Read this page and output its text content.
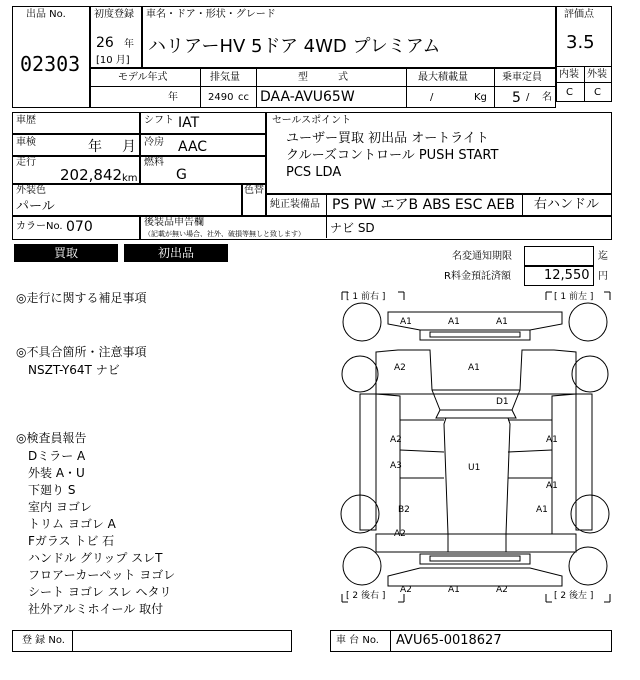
出品 No.
02303
初度登録
26 年
[10 月]
車名・ドア・形状・グレード
ハリアーHV 5ドア 4WD プレミアム
評価点
3.5
内装 外装
C C
モデル年式	排気量	型　　　式	最大積載量	乗車定員
年	2490 cc DAA-AVU65W	/	Kg 5 / 名
車歴
車検	年 月
走行
202,842 km
シフト IAT
冷房 AAC
燃料
G
セールスポイント
ユーザー買取 初出品 オートライト
クルーズコントロール PUSH START
PCS LDA
外装色
パール
色替
純正装備品 PS PW エアB ABS ESC AEB 右ハンドル
カラーNo. 070	後装品申告欄
（記載が無い場合、社外、破損等無しと致します） ナビ SD
買取	初出品	名変通知期限	迄
R料金預託済額	12,550 円
◎走行に関する補足事項
◎不具合箇所・注意事項
NSZT-Y64T ナビ
◎検査員報告
Dミラー A
外装 A・U
下廻り S
室内 ヨゴレ
トリム ヨゴレ A
Fガラス トビ 石
ハンドル グリップ スレT
フロアーカーペット ヨゴレ
シート ヨゴレ スレ ヘタリ
社外アルミホイール 取付
[ 1 前右 ]	[ 1 前左 ]
[ 2 後右 ]	[ 2 後左 ]
A1	A1	A1
A2	A1
D1
A2	A1
A3	U1
A1
B2
A1
A2
A2	A1	A2
登 録 No.	車 台 No. AVU65-0018627
